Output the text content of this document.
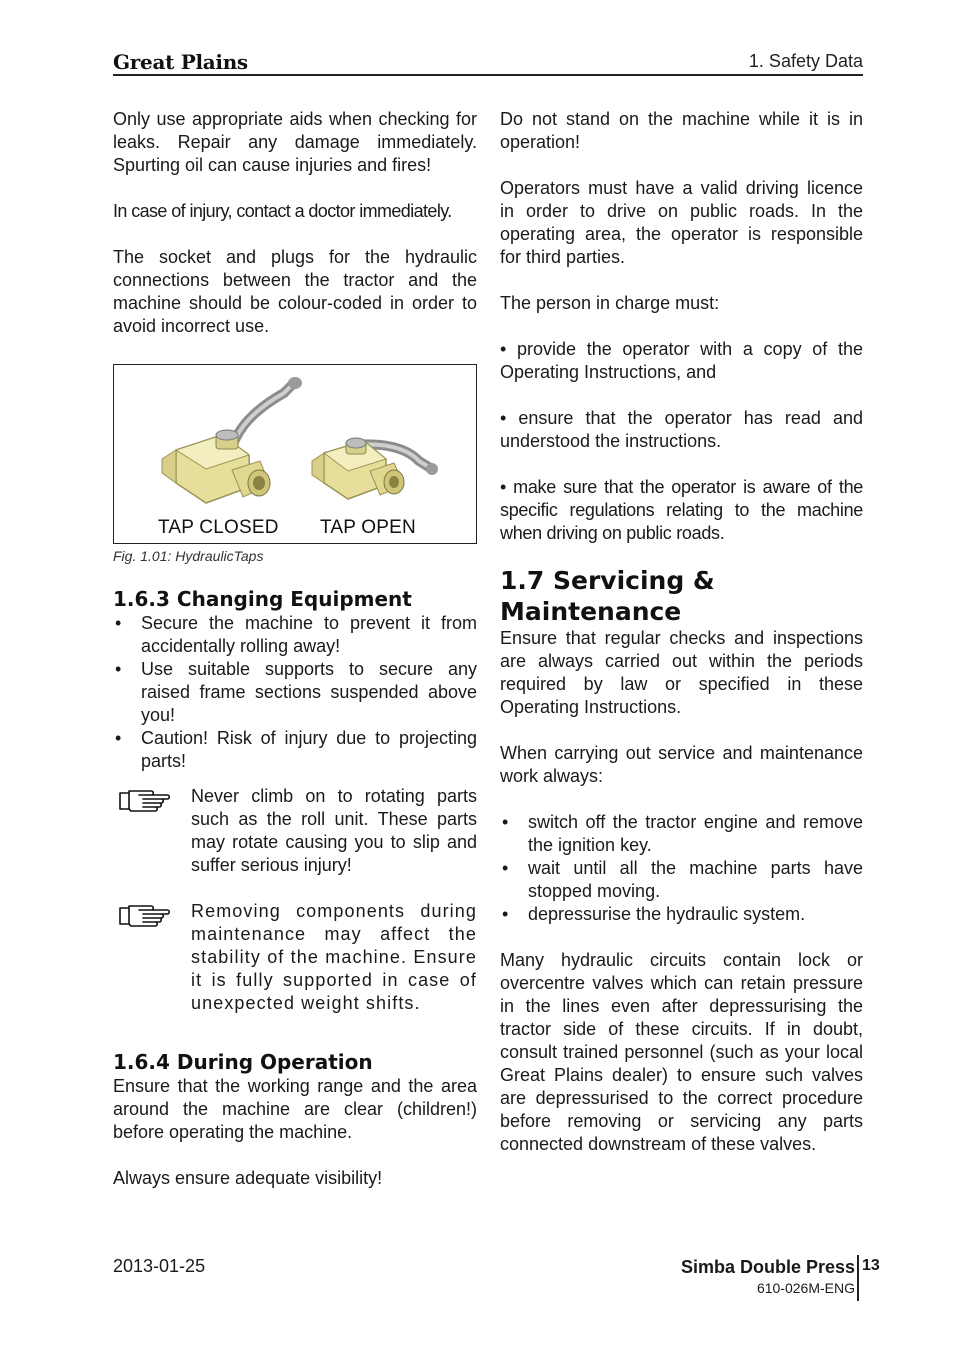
Great Plains	1. Safety Data

Only use appropriate aids when checking for leaks. Repair any damage immediately. Spurting oil can cause injuries and fires!

In case of injury, contact a doctor immediately.

The socket and plugs for the hydraulic connections between the tractor and the machine should be colour-coded in order to avoid incorrect use.

TAP CLOSED TAP OPEN
Fig. 1.01: HydraulicTaps
1.6.3 Changing Equipment
• Secure the machine to prevent it from accidentally rolling away!
• Use suitable supports to secure any raised frame sections suspended above you!
• Caution! Risk of injury due to projecting parts!

Never climb on to rotating parts such as the roll unit. These parts may rotate causing you to slip and suffer serious injury!

Removing components during maintenance may affect the stability of the machine. Ensure it is fully supported in case of unexpected weight shifts.

1.6.4 During Operation

Ensure that the working range and the area around the machine are clear (children!) before operating the machine.

Always ensure adequate visibility!

Do not stand on the machine while it is in operation!

Operators must have a valid driving licence in order to drive on public roads. In the operating area, the operator is responsible for third parties.

The person in charge must:

• provide the operator with a copy of the Operating Instructions, and

• ensure that the operator has read and understood the instructions.

• make sure that the operator is aware of the specific regulations relating to the machine when driving on public roads.

1.7 Servicing &
Maintenance

Ensure that regular checks and inspections are always carried out within the periods required by law or specified in these Operating Instructions.

When carrying out service and maintenance work always:

• switch off the tractor engine and remove the ignition key.
• wait until all the machine parts have stopped moving.
• depressurise the hydraulic system.

Many hydraulic circuits contain lock or overcentre valves which can retain pressure in the lines even after depressurising the tractor side of these circuits. If in doubt, consult trained personnel (such as your local Great Plains dealer) to ensure such valves are depressurised to the correct procedure before removing or servicing any parts connected downstream of these valves.

2013-01-25	Simba Double Press
610-026M-ENG
13
